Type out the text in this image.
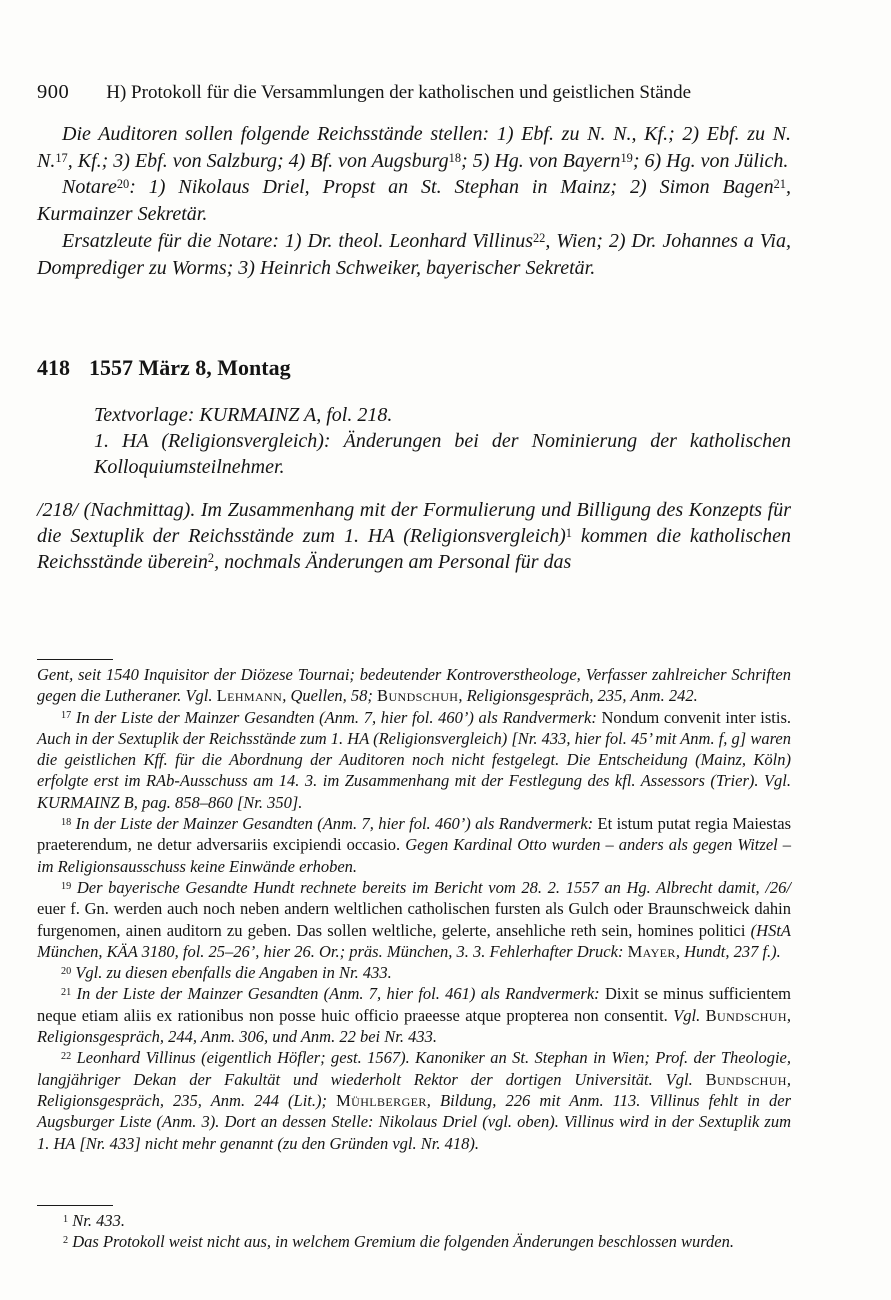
900 H) Protokoll für die Versammlungen der katholischen und geistlichen Stände

Die Auditoren sollen folgende Reichsstände stellen: 1) Ebf. zu N. N., Kf.; 2) Ebf. zu N. N.$^{17}$, Kf.; 3) Ebf. von Salzburg; 4) Bf. von Augsburg$^{18}$; 5) Hg. von Bayern$^{19}$; 6) Hg. von Jülich.

Notare$^{20}$: 1) Nikolaus Driel, Propst an St. Stephan in Mainz; 2) Simon Bagen$^{21}$, Kurmainzer Sekretär.

Ersatzleute für die Notare: 1) Dr. theol. Leonhard Villinus$^{22}$, Wien; 2) Dr. Johannes a Via, Domprediger zu Worms; 3) Heinrich Schweiker, bayerischer Sekretär.

418 1557 März 8, Montag

Textvorlage: KURMAINZ A, fol. 218.

1. HA (Religionsvergleich): Änderungen bei der Nominierung der katholischen Kolloquiumsteilnehmer.

/218/ (Nachmittag). Im Zusammenhang mit der Formulierung und Billigung des Konzepts für die Sextuplik der Reichsstände zum 1. HA (Religionsvergleich)$^1$ kommen die katholischen Reichsstände überein$^2$, nochmals Änderungen am Personal für das

Gent, seit 1540 Inquisitor der Diözese Tournai; bedeutender Kontroverstheologe, Verfasser zahlreicher Schriften gegen die Lutheraner. Vgl. Lehmann, Quellen, 58; Bundschuh, Religionsgespräch, 235, Anm. 242.

$^{17}$ In der Liste der Mainzer Gesandten (Anm. 7, hier fol. 460’) als Randvermerk: Nondum convenit inter istis. Auch in der Sextuplik der Reichsstände zum 1. HA (Religionsvergleich) [Nr. 433, hier fol. 45’ mit Anm. f, g] waren die geistlichen Kff. für die Abordnung der Auditoren noch nicht festgelegt. Die Entscheidung (Mainz, Köln) erfolgte erst im RAb-Ausschuss am 14. 3. im Zusammenhang mit der Festlegung des kfl. Assessors (Trier). Vgl. KURMAINZ B, pag. 858–860 [Nr. 350].

$^{18}$ In der Liste der Mainzer Gesandten (Anm. 7, hier fol. 460’) als Randvermerk: Et istum putat regia Maiestas praeterendum, ne detur adversariis excipiendi occasio. Gegen Kardinal Otto wurden – anders als gegen Witzel – im Religionsausschuss keine Einwände erhoben.

$^{19}$ Der bayerische Gesandte Hundt rechnete bereits im Bericht vom 28. 2. 1557 an Hg. Albrecht damit, /26/ euer f. Gn. werden auch noch neben andern weltlichen catholischen fursten als Gulch oder Braunschweick dahin furgenomen, ainen auditorn zu geben. Das sollen weltliche, gelerte, ansehliche reth sein, homines politici (HStA München, KÄA 3180, fol. 25–26’, hier 26. Or.; präs. München, 3. 3. Fehlerhafter Druck: Mayer, Hundt, 237 f.).

$^{20}$ Vgl. zu diesen ebenfalls die Angaben in Nr. 433.

$^{21}$ In der Liste der Mainzer Gesandten (Anm. 7, hier fol. 461) als Randvermerk: Dixit se minus sufficientem neque etiam aliis ex rationibus non posse huic officio praeesse atque propterea non consentit. Vgl. Bundschuh, Religionsgespräch, 244, Anm. 306, und Anm. 22 bei Nr. 433.

$^{22}$ Leonhard Villinus (eigentlich Höfler; gest. 1567). Kanoniker an St. Stephan in Wien; Prof. der Theologie, langjähriger Dekan der Fakultät und wiederholt Rektor der dortigen Universität. Vgl. Bundschuh, Religionsgespräch, 235, Anm. 244 (Lit.); Mühlberger, Bildung, 226 mit Anm. 113. Villinus fehlt in der Augsburger Liste (Anm. 3). Dort an dessen Stelle: Nikolaus Driel (vgl. oben). Villinus wird in der Sextuplik zum 1. HA [Nr. 433] nicht mehr genannt (zu den Gründen vgl. Nr. 418).

$^1$ Nr. 433.

$^2$ Das Protokoll weist nicht aus, in welchem Gremium die folgenden Änderungen beschlossen wurden.
